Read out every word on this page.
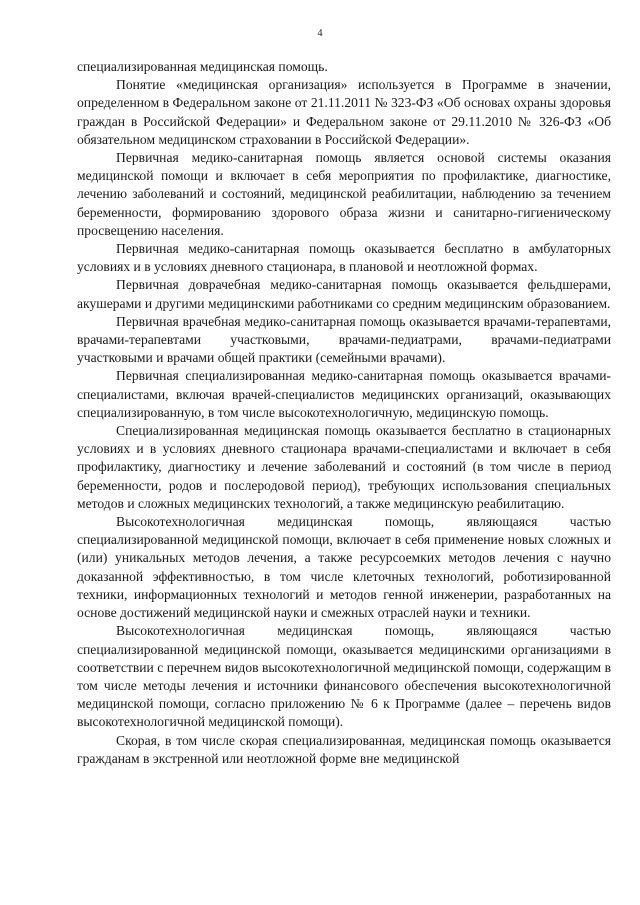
4

специализированная медицинская помощь.

Понятие «медицинская организация» используется в Программе в значении, определенном в Федеральном законе от 21.11.2011 № 323-ФЗ «Об основах охраны здоровья граждан в Российской Федерации» и Федеральном законе от 29.11.2010 № 326-ФЗ «Об обязательном медицинском страховании в Российской Федерации».

Первичная медико-санитарная помощь является основой системы оказания медицинской помощи и включает в себя мероприятия по профилактике, диагностике, лечению заболеваний и состояний, медицинской реабилитации, наблюдению за течением беременности, формированию здорового образа жизни и санитарно-гигиеническому просвещению населения.

Первичная медико-санитарная помощь оказывается бесплатно в амбулаторных условиях и в условиях дневного стационара, в плановой и неотложной формах.

Первичная доврачебная медико-санитарная помощь оказывается фельдшерами, акушерами и другими медицинскими работниками со средним медицинским образованием.

Первичная врачебная медико-санитарная помощь оказывается врачами-терапевтами, врачами-терапевтами участковыми, врачами-педиатрами, врачами-педиатрами участковыми и врачами общей практики (семейными врачами).

Первичная специализированная медико-санитарная помощь оказывается врачами-специалистами, включая врачей-специалистов медицинских организаций, оказывающих специализированную, в том числе высокотехнологичную, медицинскую помощь.

Специализированная медицинская помощь оказывается бесплатно в стационарных условиях и в условиях дневного стационара врачами-специалистами и включает в себя профилактику, диагностику и лечение заболеваний и состояний (в том числе в период беременности, родов и послеродовой период), требующих использования специальных методов и сложных медицинских технологий, а также медицинскую реабилитацию.

Высокотехнологичная медицинская помощь, являющаяся частью специализированной медицинской помощи, включает в себя применение новых сложных и (или) уникальных методов лечения, а также ресурсоемких методов лечения с научно доказанной эффективностью, в том числе клеточных технологий, роботизированной техники, информационных технологий и методов генной инженерии, разработанных на основе достижений медицинской науки и смежных отраслей науки и техники.

Высокотехнологичная медицинская помощь, являющаяся частью специализированной медицинской помощи, оказывается медицинскими организациями в соответствии с перечнем видов высокотехнологичной медицинской помощи, содержащим в том числе методы лечения и источники финансового обеспечения высокотехнологичной медицинской помощи, согласно приложению № 6 к Программе (далее – перечень видов высокотехнологичной медицинской помощи).

Скорая, в том числе скорая специализированная, медицинская помощь оказывается гражданам в экстренной или неотложной форме вне медицинской
